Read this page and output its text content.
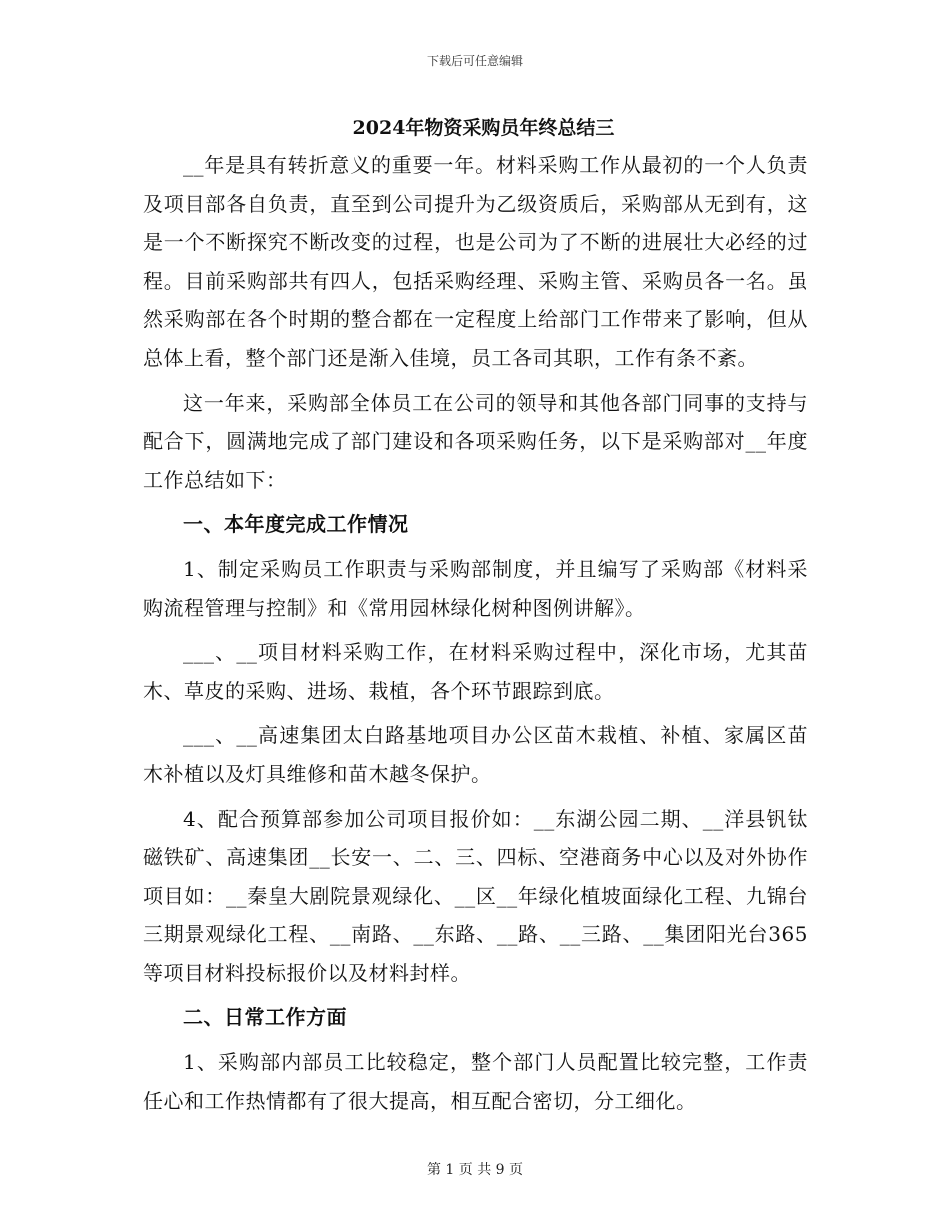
下载后可任意编辑
2024年物资采购员年终总结三

__年是具有转折意义的重要一年。材料采购工作从最初的一个人负责及项目部各自负责，直至到公司提升为乙级资质后，采购部从无到有，这是一个不断探究不断改变的过程，也是公司为了不断的进展壮大必经的过程。目前采购部共有四人，包括采购经理、采购主管、采购员各一名。虽然采购部在各个时期的整合都在一定程度上给部门工作带来了影响，但从总体上看，整个部门还是渐入佳境，员工各司其职，工作有条不紊。

这一年来，采购部全体员工在公司的领导和其他各部门同事的支持与配合下，圆满地完成了部门建设和各项采购任务，以下是采购部对__年度工作总结如下：

一、本年度完成工作情况

1、制定采购员工作职责与采购部制度，并且编写了采购部《材料采购流程管理与控制》和《常用园林绿化树种图例讲解》。

___、__项目材料采购工作，在材料采购过程中，深化市场，尤其苗木、草皮的采购、进场、栽植，各个环节跟踪到底。

___、__高速集团太白路基地项目办公区苗木栽植、补植、家属区苗木补植以及灯具维修和苗木越冬保护。

4、配合预算部参加公司项目报价如：__东湖公园二期、__洋县钒钛磁铁矿、高速集团__长安一、二、三、四标、空港商务中心以及对外协作项目如：__秦皇大剧院景观绿化、__区__年绿化植坡面绿化工程、九锦台三期景观绿化工程、__南路、__东路、__路、__三路、__集团阳光台365等项目材料投标报价以及材料封样。

二、日常工作方面

1、采购部内部员工比较稳定，整个部门人员配置比较完整，工作责任心和工作热情都有了很大提高，相互配合密切，分工细化。

第 1 页 共 9 页
